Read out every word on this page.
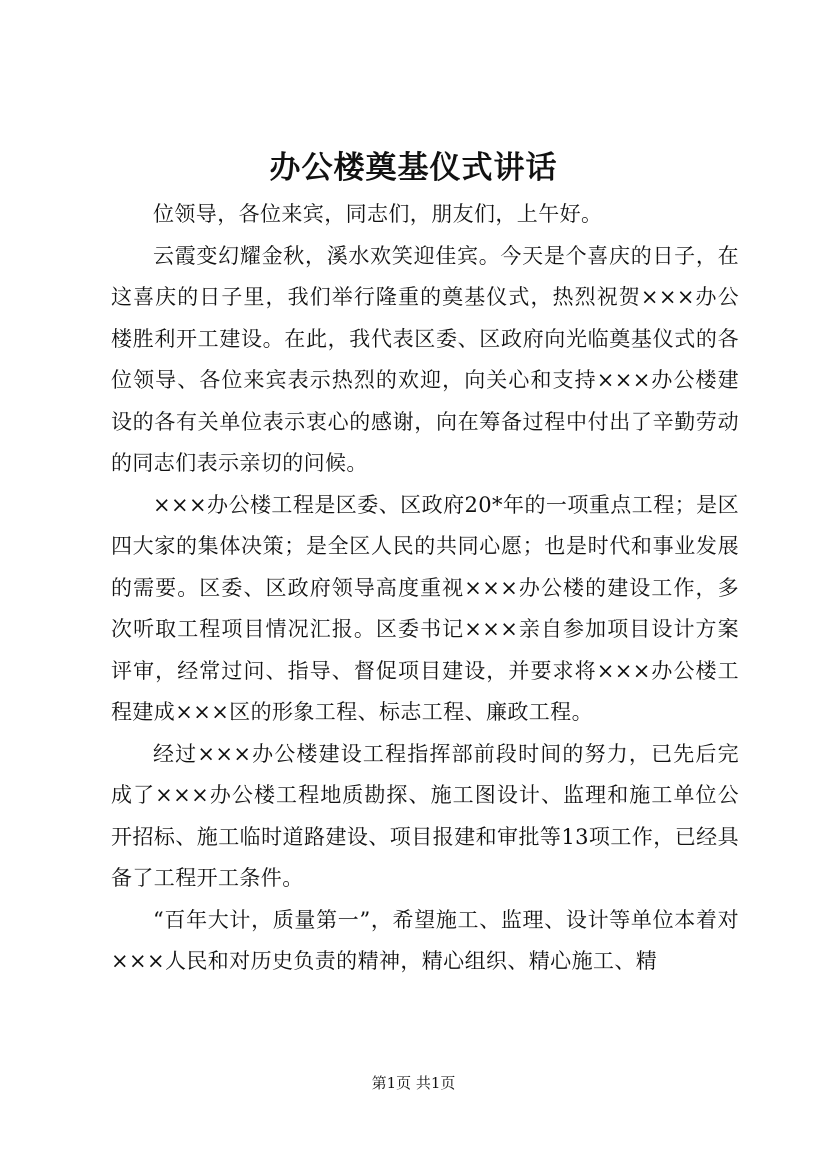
办公楼奠基仪式讲话

位领导，各位来宾，同志们，朋友们，上午好。

云霞变幻耀金秋，溪水欢笑迎佳宾。今天是个喜庆的日子，在这喜庆的日子里，我们举行隆重的奠基仪式，热烈祝贺×××办公楼胜利开工建设。在此，我代表区委、区政府向光临奠基仪式的各位领导、各位来宾表示热烈的欢迎，向关心和支持×××办公楼建设的各有关单位表示衷心的感谢，向在筹备过程中付出了辛勤劳动的同志们表示亲切的问候。

×××办公楼工程是区委、区政府20*年的一项重点工程；是区四大家的集体决策；是全区人民的共同心愿；也是时代和事业发展的需要。区委、区政府领导高度重视×××办公楼的建设工作，多次听取工程项目情况汇报。区委书记×××亲自参加项目设计方案评审，经常过问、指导、督促项目建设，并要求将×××办公楼工程建成×××区的形象工程、标志工程、廉政工程。

经过×××办公楼建设工程指挥部前段时间的努力，已先后完成了×××办公楼工程地质勘探、施工图设计、监理和施工单位公开招标、施工临时道路建设、项目报建和审批等13项工作，已经具备了工程开工条件。

“百年大计，质量第一”，希望施工、监理、设计等单位本着对×××人民和对历史负责的精神，精心组织、精心施工、精

第1页 共1页
